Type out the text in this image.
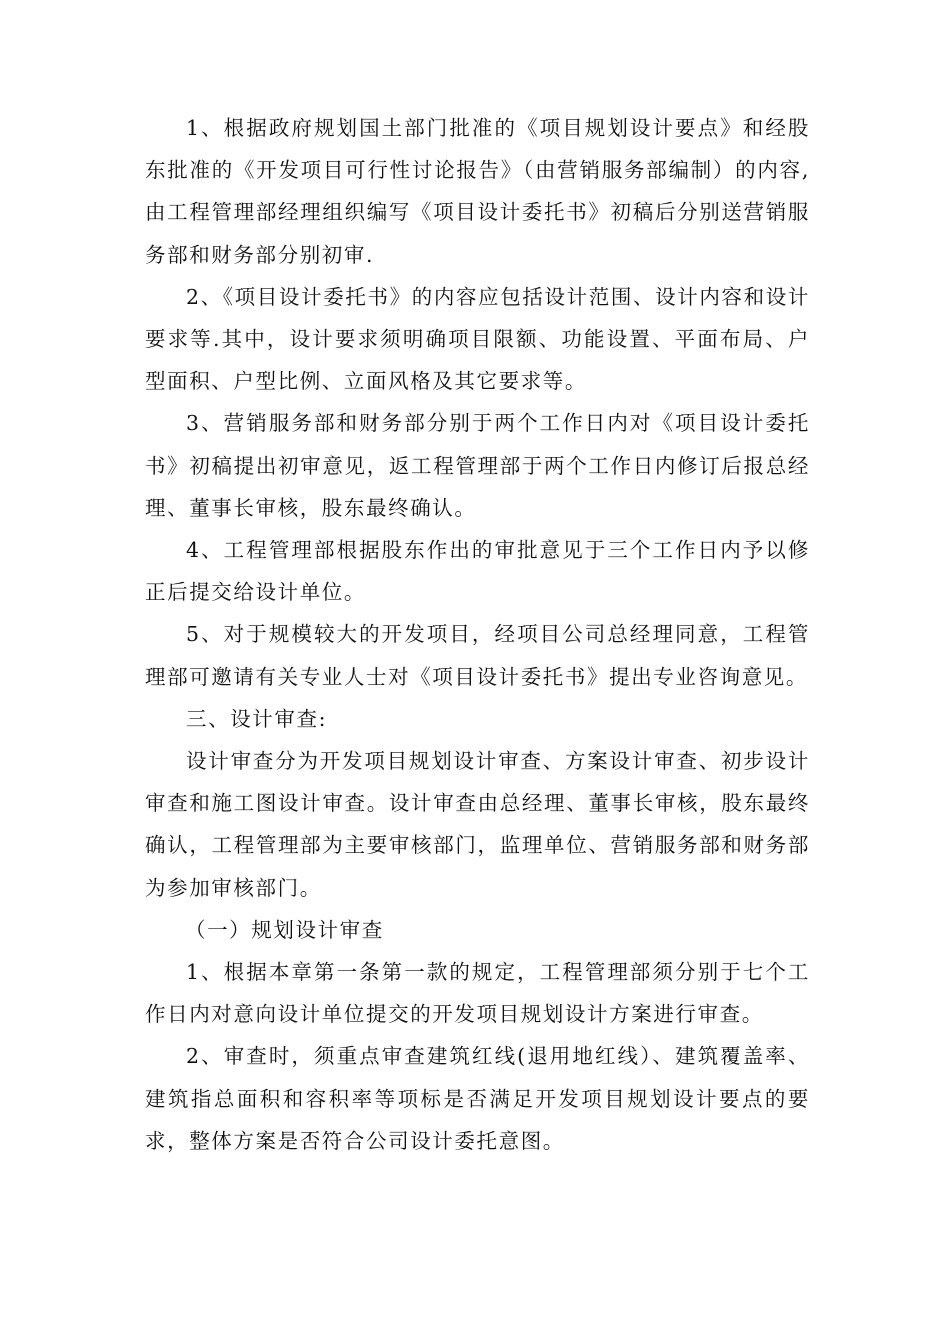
1、根据政府规划国土部门批准的《项目规划设计要点》和经股东批准的《开发项目可行性讨论报告》（由营销服务部编制）的内容,由工程管理部经理组织编写《项目设计委托书》初稿后分别送营销服务部和财务部分别初审.

2、《项目设计委托书》的内容应包括设计范围、设计内容和设计要求等.其中，设计要求须明确项目限额、功能设置、平面布局、户型面积、户型比例、立面风格及其它要求等。

3、营销服务部和财务部分别于两个工作日内对《项目设计委托书》初稿提出初审意见，返工程管理部于两个工作日内修订后报总经理、董事长审核，股东最终确认。

4、工程管理部根据股东作出的审批意见于三个工作日内予以修正后提交给设计单位。

5、对于规模较大的开发项目，经项目公司总经理同意，工程管理部可邀请有关专业人士对《项目设计委托书》提出专业咨询意见。

三、设计审查:

设计审查分为开发项目规划设计审查、方案设计审查、初步设计审查和施工图设计审查。设计审查由总经理、董事长审核，股东最终确认，工程管理部为主要审核部门，监理单位、营销服务部和财务部为参加审核部门。

（一）规划设计审查

1、根据本章第一条第一款的规定，工程管理部须分别于七个工作日内对意向设计单位提交的开发项目规划设计方案进行审查。

2、审查时，须重点审查建筑红线(退用地红线）、建筑覆盖率、建筑指总面积和容积率等项标是否满足开发项目规划设计要点的要求，整体方案是否符合公司设计委托意图。
